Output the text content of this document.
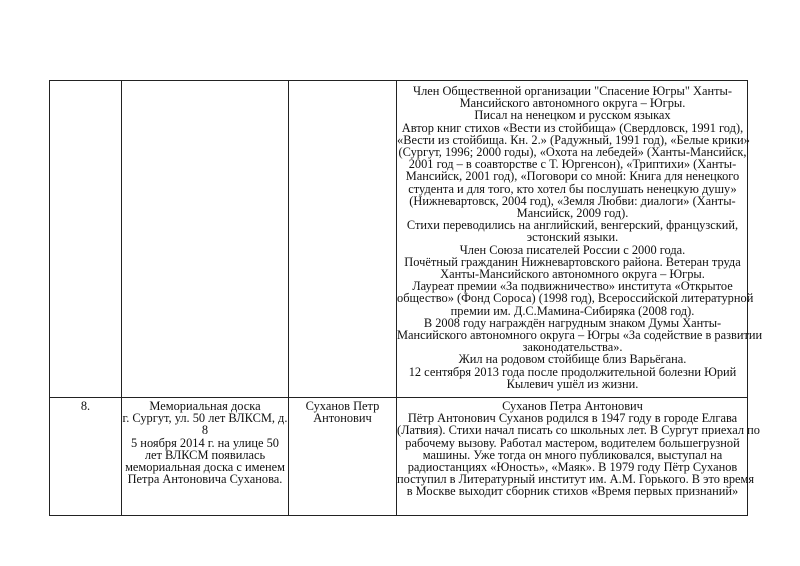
Член Общественной организации "Спасение Югры" Ханты-
Мансийского автономного округа – Югры.
Писал на ненецком и русском языках
Автор книг стихов «Вести из стойбища» (Свердловск, 1991 год),
«Вести из стойбища. Кн. 2.» (Радужный, 1991 год), «Белые крики»
(Сургут, 1996; 2000 годы), «Охота на лебедей» (Ханты-Мансийск,
2001 год – в соавторстве с Т. Юргенсон), «Триптихи» (Ханты-
Мансийск, 2001 год), «Поговори со мной: Книга для ненецкого
студента и для того, кто хотел бы послушать ненецкую душу»
(Нижневартовск, 2004 год), «Земля Любви: диалоги» (Ханты-
Мансийск, 2009 год).
Стихи переводились на английский, венгерский, французский,
эстонский языки.
Член Союза писателей России с 2000 года.
Почётный гражданин Нижневартовского района. Ветеран труда
Ханты-Мансийского автономного округа – Югры.
Лауреат премии «За подвижничество» института «Открытое
общество» (Фонд Сороса) (1998 год), Всероссийской литературной
премии им. Д.С.Мамина-Сибиряка (2008 год).
В 2008 году награждён нагрудным знаком Думы Ханты-
Мансийского автономного округа – Югры «За содействие в развитии
законодательства».
Жил на родовом стойбище близ Варьёгана.
12 сентября 2013 года после продолжительной болезни Юрий
Кылевич ушёл из жизни.
8.	Мемориальная доска
г. Сургут, ул. 50 лет ВЛКСМ, д.
8
5 ноября 2014 г. на улице 50
лет ВЛКСМ появилась
мемориальная доска с именем
Петра Антоновича Суханова.
Суханов Петр
Антонович
Суханов Петра Антонович
Пётр Антонович Суханов родился в 1947 году в городе Елгава
(Латвия). Стихи начал писать со школьных лет. В Сургут приехал по
рабочему вызову. Работал мастером, водителем большегрузной
машины. Уже тогда он много публиковался, выступал на
радиостанциях «Юность», «Маяк». В 1979 году Пётр Суханов
поступил в Литературный институт им. А.М. Горького. В это время
в Москве выходит сборник стихов «Время первых признаний»
